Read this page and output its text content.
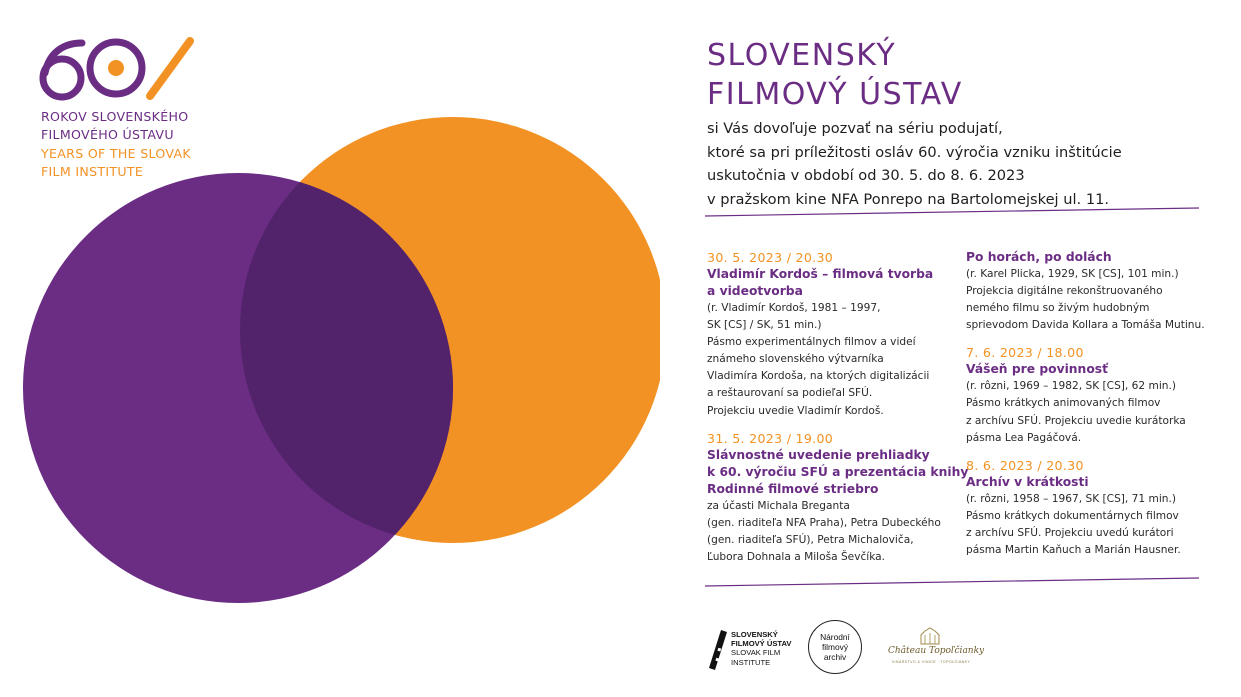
ROKOV SLOVENSKÉHO
FILMOVÉHO ÚSTAVU
YEARS OF THE SLOVAK
FILM INSTITUTE
SLOVENSKÝ
FILMOVÝ ÚSTAV
si Vás dovoľuje pozvať na sériu podujatí,
ktoré sa pri príležitosti osláv 60. výročia vzniku inštitúcie
uskutočnia v období od 30. 5. do 8. 6. 2023
v pražskom kine NFA Ponrepo na Bartolomejskej ul. 11.
30. 5. 2023 / 20.30
Vladimír Kordoš – filmová tvorba
a videotvorba
(r. Vladimír Kordoš, 1981 – 1997,
SK [CS] / SK, 51 min.)
Pásmo experimentálnych filmov a videí
známeho slovenského výtvarníka
Vladimíra Kordoša, na ktorých digitalizácii
a reštaurovaní sa podieľal SFÚ.
Projekciu uvedie Vladimír Kordoš.
31. 5. 2023 / 19.00
Slávnostné uvedenie prehliadky
k 60. výročiu SFÚ a prezentácia knihy
Rodinné filmové striebro
za účasti Michala Breganta
(gen. riaditeľa NFA Praha), Petra Dubeckého
(gen. riaditeľa SFÚ), Petra Michaloviča,
Ľubora Dohnala a Miloša Ševčíka.
Po horách, po dolách
(r. Karel Plicka, 1929, SK [CS], 101 min.)
Projekcia digitálne rekonštruovaného
nemého filmu so živým hudobným
sprievodom Davida Kollara a Tomáša Mutinu.
7. 6. 2023 / 18.00
Vášeň pre povinnosť
(r. rôzni, 1969 – 1982, SK [CS], 62 min.)
Pásmo krátkych animovaných filmov
z archívu SFÚ. Projekciu uvedie kurátorka
pásma Lea Pagáčová.
8. 6. 2023 / 20.30
Archív v krátkosti
(r. rôzni, 1958 – 1967, SK [CS], 71 min.)
Pásmo krátkych dokumentárnych filmov
z archívu SFÚ. Projekciu uvedú kurátori
pásma Martin Kaňuch a Marián Hausner.
SLOVENSKÝ
FILMOVÝ ÚSTAV
SLOVAK FILM
INSTITUTE
Národní
filmový
archiv
Château Topoľčianky
VINÁRSTVO & VINICE · TOPOĽČIANKY
